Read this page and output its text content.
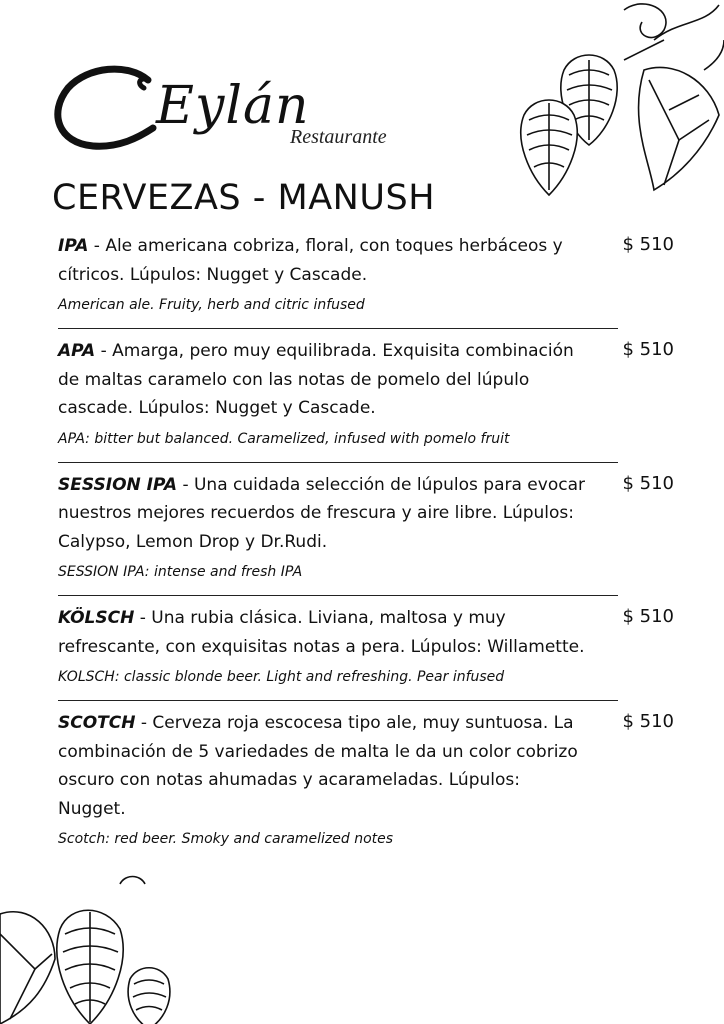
Eylán
Restaurante
CERVEZAS - MANUSH
IPA - Ale americana cobriza, floral, con toques herbáceos y cítricos. Lúpulos: Nugget y Cascade.
American ale. Fruity, herb and citric infused
$ 510
APA - Amarga, pero muy equilibrada. Exquisita combinación de maltas caramelo con las notas de pomelo del lúpulo cascade. Lúpulos: Nugget y Cascade.
APA: bitter but balanced. Caramelized, infused with pomelo fruit
$ 510
SESSION IPA - Una cuidada selección de lúpulos para evocar nuestros mejores recuerdos de frescura y aire libre. Lúpulos: Calypso, Lemon Drop y Dr.Rudi.
SESSION IPA: intense and fresh IPA
$ 510
KÖLSCH - Una rubia clásica. Liviana, maltosa y muy refrescante, con exquisitas notas a pera. Lúpulos: Willamette.
KOLSCH: classic blonde beer. Light and refreshing. Pear infused
$ 510
SCOTCH - Cerveza roja escocesa tipo ale, muy suntuosa. La combinación de 5 variedades de malta le da un color cobrizo oscuro con notas ahumadas y acarameladas. Lúpulos: Nugget.
Scotch: red beer. Smoky and caramelized notes
$ 510
